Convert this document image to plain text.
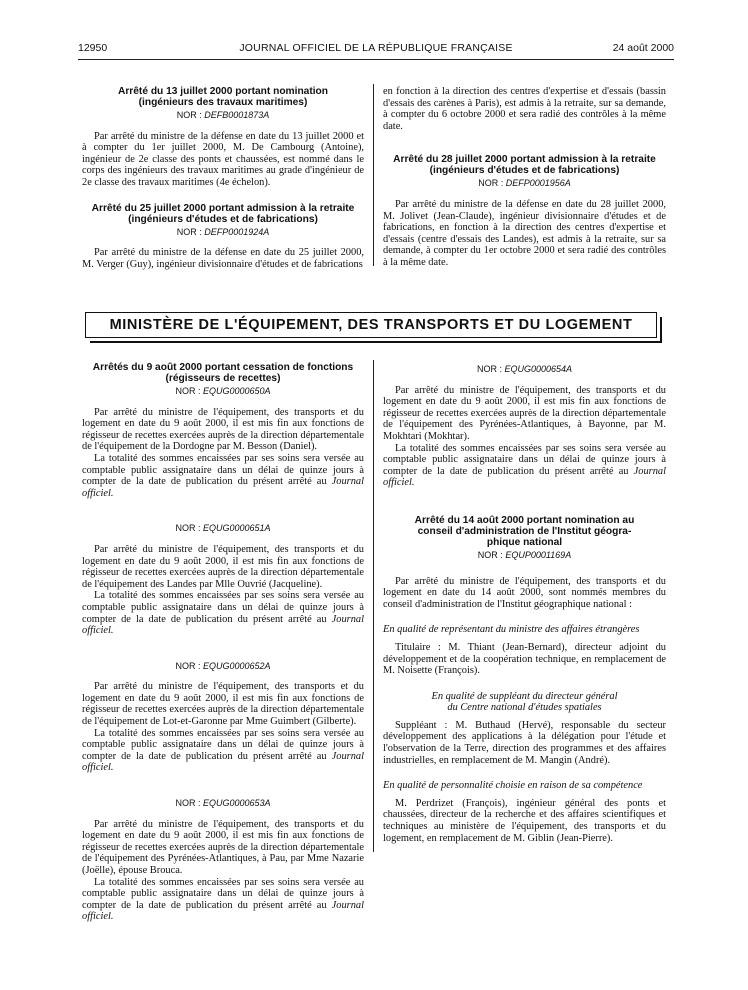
12950	JOURNAL OFFICIEL DE LA RÉPUBLIQUE FRANÇAISE	24 août 2000

Arrêté du 13 juillet 2000 portant nomination

(ingénieurs des travaux maritimes)

NOR : DEFB0001873A

Par arrêté du ministre de la défense en date du 13 juillet 2000 et à compter du 1er juillet 2000, M. De Cambourg (Antoine), ingénieur de 2e classe des ponts et chaussées, est nommé dans le corps des ingénieurs des travaux maritimes au grade d'ingénieur de 2e classe des travaux maritimes (4e échelon).

Arrêté du 25 juillet 2000 portant admission à la retraite

(ingénieurs d'études et de fabrications)

NOR : DEFP0001924A

Par arrêté du ministre de la défense en date du 25 juillet 2000, M. Verger (Guy), ingénieur divisionnaire d'études et de fabrications

en fonction à la direction des centres d'expertise et d'essais (bassin d'essais des carènes à Paris), est admis à la retraite, sur sa demande, à compter du 6 octobre 2000 et sera radié des contrôles à la même date.

Arrêté du 28 juillet 2000 portant admission à la retraite

(ingénieurs d'études et de fabrications)

NOR : DEFP0001956A

Par arrêté du ministre de la défense en date du 28 juillet 2000, M. Jolivet (Jean-Claude), ingénieur divisionnaire d'études et de fabrications, en fonction à la direction des centres d'expertise et d'essais (centre d'essais des Landes), est admis à la retraite, sur sa demande, à compter du 1er octobre 2000 et sera radié des contrôles à la même date.

MINISTÈRE DE L'ÉQUIPEMENT, DES TRANSPORTS ET DU LOGEMENT

Arrêtés du 9 août 2000 portant cessation de fonctions

(régisseurs de recettes)

NOR : EQUG0000650A

Par arrêté du ministre de l'équipement, des transports et du logement en date du 9 août 2000, il est mis fin aux fonctions de régisseur de recettes exercées auprès de la direction départementale de l'équipement de la Dordogne par M. Besson (Daniel).

La totalité des sommes encaissées par ses soins sera versée au comptable public assignataire dans un délai de quinze jours à compter de la date de publication du présent arrêté au Journal officiel.

NOR : EQUG0000651A

Par arrêté du ministre de l'équipement, des transports et du logement en date du 9 août 2000, il est mis fin aux fonctions de régisseur de recettes exercées auprès de la direction départementale de l'équipement des Landes par Mlle Ouvrié (Jacqueline).

La totalité des sommes encaissées par ses soins sera versée au comptable public assignataire dans un délai de quinze jours à compter de la date de publication du présent arrêté au Journal officiel.

NOR : EQUG0000652A

Par arrêté du ministre de l'équipement, des transports et du logement en date du 9 août 2000, il est mis fin aux fonctions de régisseur de recettes exercées auprès de la direction départementale de l'équipement de Lot-et-Garonne par Mme Guimbert (Gilberte).

La totalité des sommes encaissées par ses soins sera versée au comptable public assignataire dans un délai de quinze jours à compter de la date de publication du présent arrêté au Journal officiel.

NOR : EQUG0000653A

Par arrêté du ministre de l'équipement, des transports et du logement en date du 9 août 2000, il est mis fin aux fonctions de régisseur de recettes exercées auprès de la direction départementale de l'équipement des Pyrénées-Atlantiques, à Pau, par Mme Nazarie (Joëlle), épouse Brouca.

La totalité des sommes encaissées par ses soins sera versée au comptable public assignataire dans un délai de quinze jours à compter de la date de publication du présent arrêté au Journal officiel.

NOR : EQUG0000654A

Par arrêté du ministre de l'équipement, des transports et du logement en date du 9 août 2000, il est mis fin aux fonctions de régisseur de recettes exercées auprès de la direction départementale de l'équipement des Pyrénées-Atlantiques, à Bayonne, par M. Mokhtari (Mokhtar).

La totalité des sommes encaissées par ses soins sera versée au comptable public assignataire dans un délai de quinze jours à compter de la date de publication du présent arrêté au Journal officiel.

Arrêté du 14 août 2000 portant nomination au

conseil d'administration de l'Institut géogra-

phique national

NOR : EQUP0001169A

Par arrêté du ministre de l'équipement, des transports et du logement en date du 14 août 2000, sont nommés membres du conseil d'administration de l'Institut géographique national :

En qualité de représentant du ministre des affaires étrangères

Titulaire : M. Thiant (Jean-Bernard), directeur adjoint du développement et de la coopération technique, en remplacement de M. Noisette (François).

En qualité de suppléant du directeur général

du Centre national d'études spatiales

Suppléant : M. Buthaud (Hervé), responsable du secteur développement des applications à la délégation pour l'étude et l'observation de la Terre, direction des programmes et des affaires industrielles, en remplacement de M. Mangin (André).

En qualité de personnalité choisie en raison de sa compétence

M. Perdrizet (François), ingénieur général des ponts et chaussées, directeur de la recherche et des affaires scientifiques et techniques au ministère de l'équipement, des transports et du logement, en remplacement de M. Giblin (Jean-Pierre).
